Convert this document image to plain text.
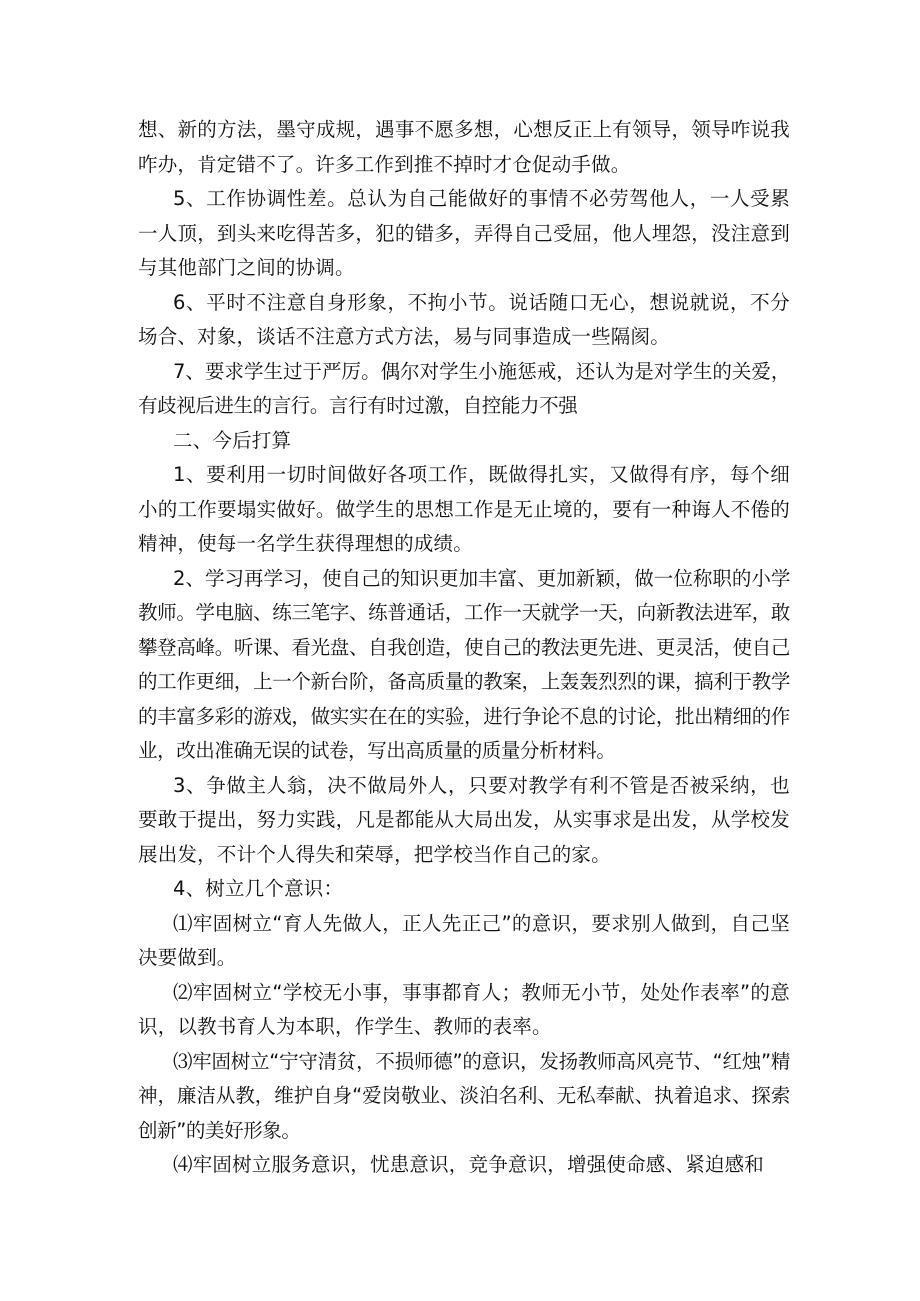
想、新的方法，墨守成规，遇事不愿多想，心想反正上有领导，领导咋说我咋办，肯定错不了。许多工作到推不掉时才仓促动手做。

5、工作协调性差。总认为自己能做好的事情不必劳驾他人，一人受累一人顶，到头来吃得苦多，犯的错多，弄得自己受屈，他人埋怨，没注意到与其他部门之间的协调。

6、平时不注意自身形象，不拘小节。说话随口无心，想说就说，不分场合、对象，谈话不注意方式方法，易与同事造成一些隔阂。

7、要求学生过于严厉。偶尔对学生小施惩戒，还认为是对学生的关爱，有歧视后进生的言行。言行有时过激，自控能力不强

二、今后打算

1、要利用一切时间做好各项工作，既做得扎实，又做得有序，每个细小的工作要塌实做好。做学生的思想工作是无止境的，要有一种诲人不倦的精神，使每一名学生获得理想的成绩。

2、学习再学习，使自己的知识更加丰富、更加新颖，做一位称职的小学教师。学电脑、练三笔字、练普通话，工作一天就学一天，向新教法进军，敢攀登高峰。听课、看光盘、自我创造，使自己的教法更先进、更灵活，使自己的工作更细，上一个新台阶，备高质量的教案，上轰轰烈烈的课，搞利于教学的丰富多彩的游戏，做实实在在的实验，进行争论不息的讨论，批出精细的作业，改出准确无误的试卷，写出高质量的质量分析材料。

3、争做主人翁，决不做局外人，只要对教学有利不管是否被采纳，也要敢于提出，努力实践，凡是都能从大局出发，从实事求是出发，从学校发展出发，不计个人得失和荣辱，把学校当作自己的家。

4、树立几个意识：

⑴牢固树立“育人先做人，正人先正己”的意识，要求别人做到，自己坚决要做到。

⑵牢固树立“学校无小事，事事都育人；教师无小节，处处作表率”的意识，以教书育人为本职，作学生、教师的表率。

⑶牢固树立“宁守清贫，不损师德”的意识，发扬教师高风亮节、“红烛”精神，廉洁从教，维护自身“爱岗敬业、淡泊名利、无私奉献、执着追求、探索创新”的美好形象。

⑷牢固树立服务意识，忧患意识，竞争意识，增强使命感、紧迫感和
